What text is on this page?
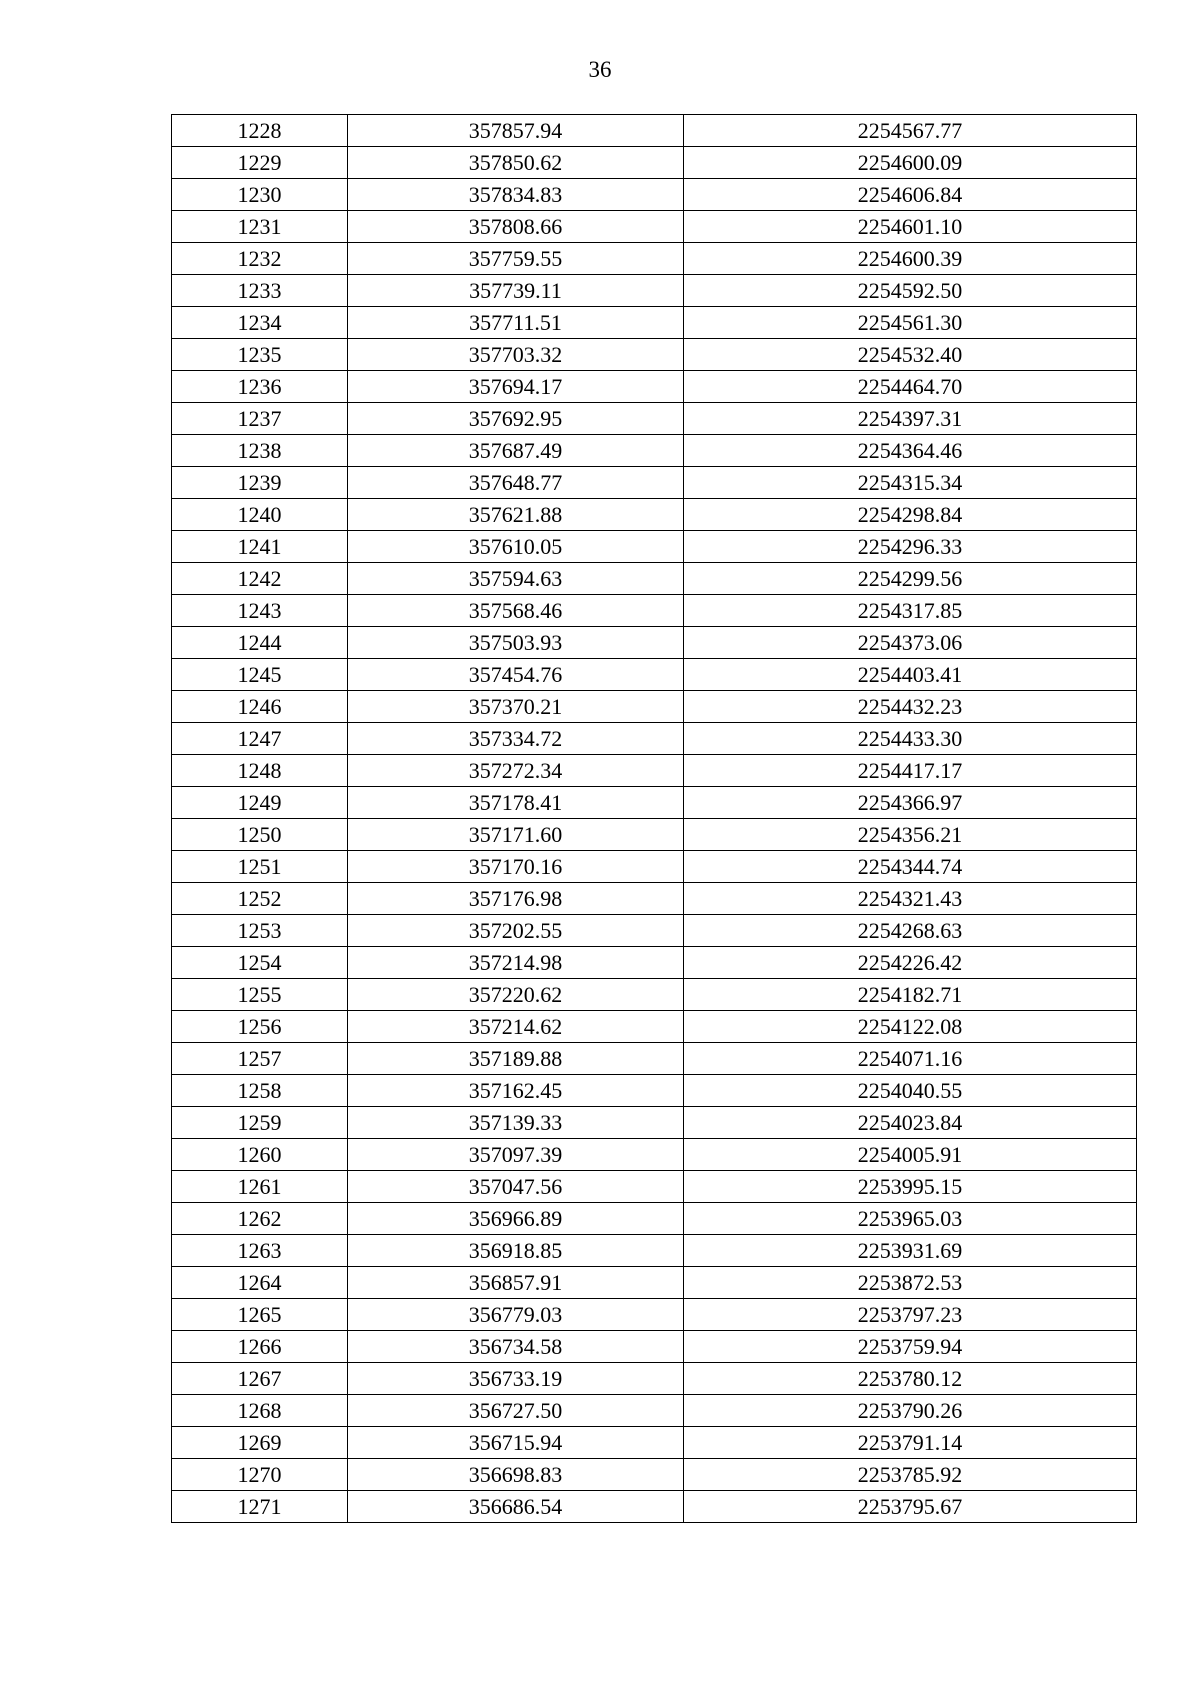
36
1228	357857.94	2254567.77
1229	357850.62	2254600.09
1230	357834.83	2254606.84
1231	357808.66	2254601.10
1232	357759.55	2254600.39
1233	357739.11	2254592.50
1234	357711.51	2254561.30
1235	357703.32	2254532.40
1236	357694.17	2254464.70
1237	357692.95	2254397.31
1238	357687.49	2254364.46
1239	357648.77	2254315.34
1240	357621.88	2254298.84
1241	357610.05	2254296.33
1242	357594.63	2254299.56
1243	357568.46	2254317.85
1244	357503.93	2254373.06
1245	357454.76	2254403.41
1246	357370.21	2254432.23
1247	357334.72	2254433.30
1248	357272.34	2254417.17
1249	357178.41	2254366.97
1250	357171.60	2254356.21
1251	357170.16	2254344.74
1252	357176.98	2254321.43
1253	357202.55	2254268.63
1254	357214.98	2254226.42
1255	357220.62	2254182.71
1256	357214.62	2254122.08
1257	357189.88	2254071.16
1258	357162.45	2254040.55
1259	357139.33	2254023.84
1260	357097.39	2254005.91
1261	357047.56	2253995.15
1262	356966.89	2253965.03
1263	356918.85	2253931.69
1264	356857.91	2253872.53
1265	356779.03	2253797.23
1266	356734.58	2253759.94
1267	356733.19	2253780.12
1268	356727.50	2253790.26
1269	356715.94	2253791.14
1270	356698.83	2253785.92
1271	356686.54	2253795.67
